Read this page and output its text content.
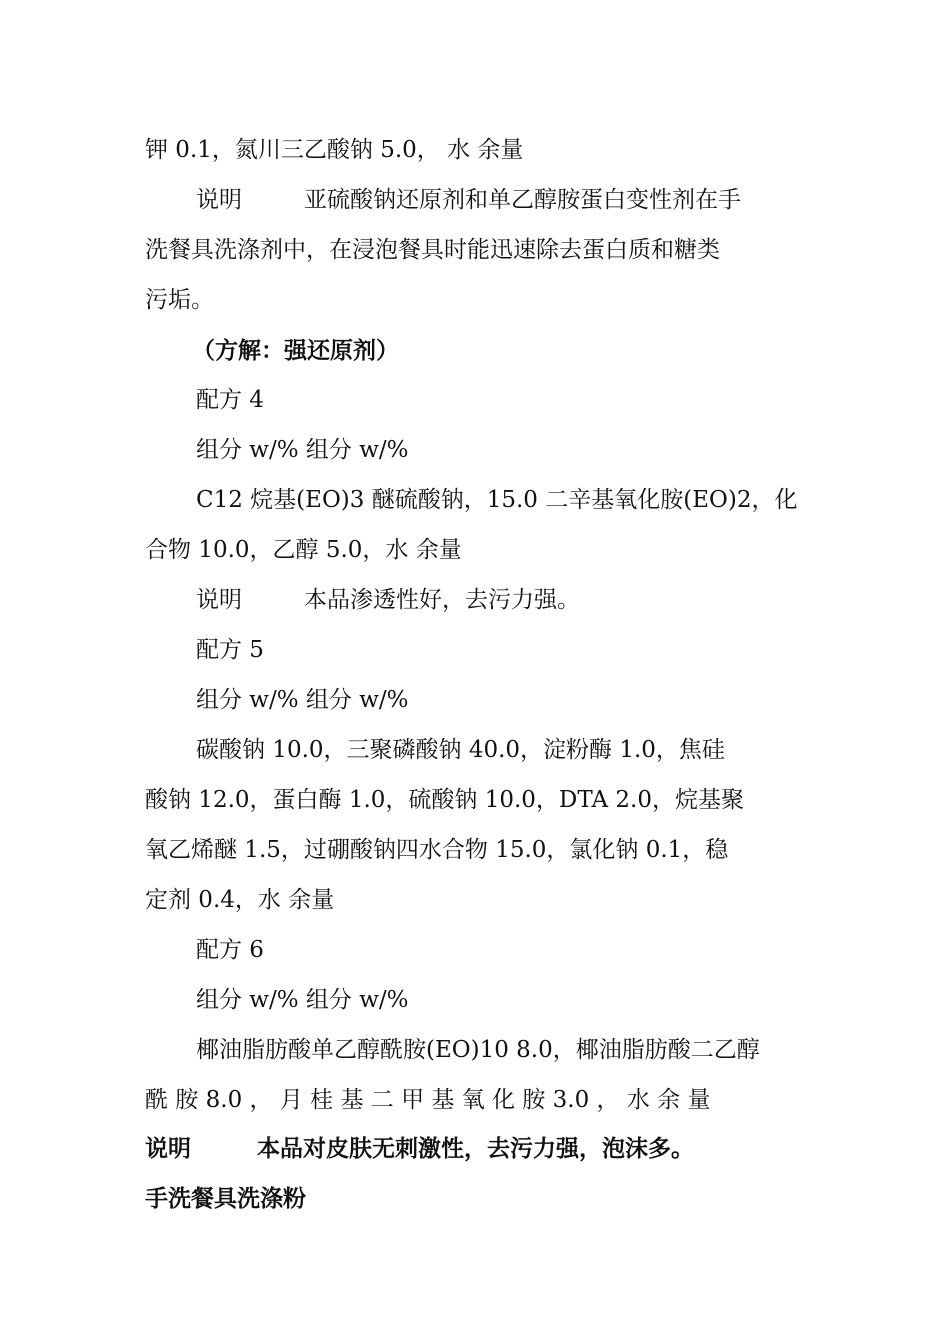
钾 0.1，氮川三乙酸钠 5.0， 水 余量
说明	亚硫酸钠还原剂和单乙醇胺蛋白变性剂在手
洗餐具洗涤剂中，在浸泡餐具时能迅速除去蛋白质和糖类
污垢。
（方解：强还原剂）
配方 4
组分 w/% 组分 w/%
C12 烷基(EO)3 醚硫酸钠，15.0 二辛基氧化胺(EO)2，化
合物 10.0，乙醇 5.0，水 余量
说明	本品渗透性好，去污力强。
配方 5
组分 w/% 组分 w/%
碳酸钠 10.0，三聚磷酸钠 40.0，淀粉酶 1.0，焦硅
酸钠 12.0，蛋白酶 1.0，硫酸钠 10.0，DTA 2.0，烷基聚
氧乙烯醚 1.5，过硼酸钠四水合物 15.0，氯化钠 0.1，稳
定剂 0.4，水 余量
配方 6
组分 w/% 组分 w/%
椰油脂肪酸单乙醇酰胺(EO)10 8.0，椰油脂肪酸二乙醇
酰 胺 8.0 ， 月 桂 基 二 甲 基 氧 化 胺 3.0 ， 水 余 量
说明	本品对皮肤无刺激性，去污力强，泡沫多。
手洗餐具洗涤粉
